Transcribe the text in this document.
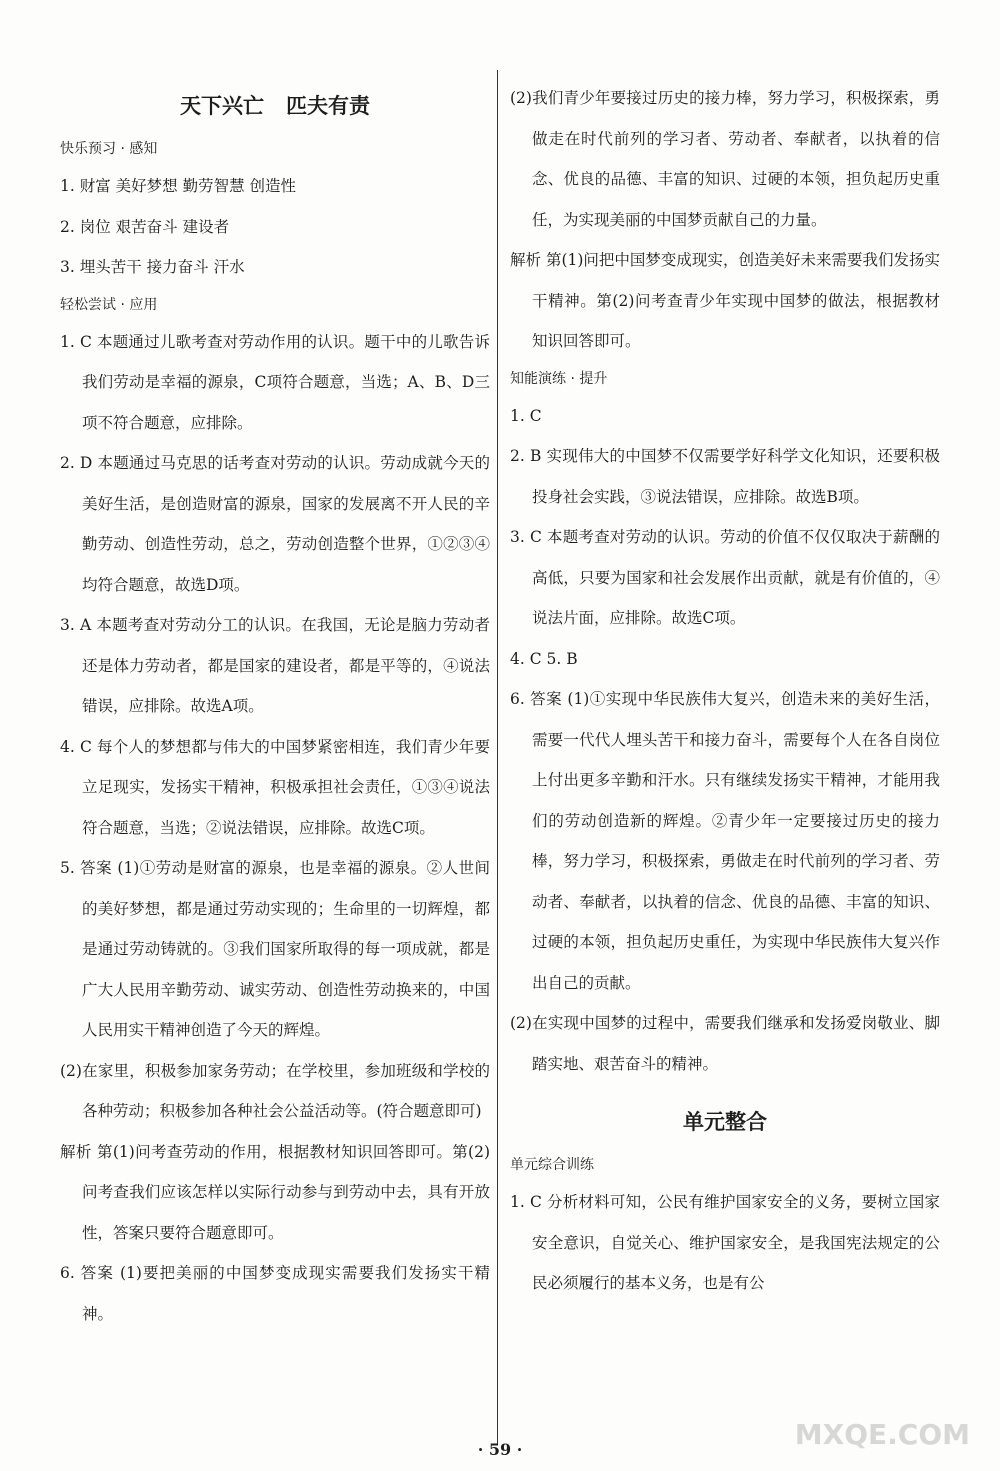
天下兴亡   匹夫有责
快乐预习 · 感知
1. 财富 美好梦想 勤劳智慧 创造性
2. 岗位 艰苦奋斗 建设者
3. 埋头苦干 接力奋斗 汗水
轻松尝试 · 应用
1. C 本题通过儿歌考查对劳动作用的认识。题干中的儿歌告诉我们劳动是幸福的源泉，C项符合题意，当选；A、B、D三项不符合题意，应排除。
2. D 本题通过马克思的话考查对劳动的认识。劳动成就今天的美好生活，是创造财富的源泉，国家的发展离不开人民的辛勤劳动、创造性劳动，总之，劳动创造整个世界，①②③④均符合题意，故选D项。
3. A 本题考查对劳动分工的认识。在我国，无论是脑力劳动者还是体力劳动者，都是国家的建设者，都是平等的，④说法错误，应排除。故选A项。
4. C 每个人的梦想都与伟大的中国梦紧密相连，我们青少年要立足现实，发扬实干精神，积极承担社会责任，①③④说法符合题意，当选；②说法错误，应排除。故选C项。
5. 答案 (1)①劳动是财富的源泉，也是幸福的源泉。②人世间的美好梦想，都是通过劳动实现的；生命里的一切辉煌，都是通过劳动铸就的。③我们国家所取得的每一项成就，都是广大人民用辛勤劳动、诚实劳动、创造性劳动换来的，中国人民用实干精神创造了今天的辉煌。
(2)在家里，积极参加家务劳动；在学校里，参加班级和学校的各种劳动；积极参加各种社会公益活动等。(符合题意即可)
解析 第(1)问考查劳动的作用，根据教材知识回答即可。第(2)问考查我们应该怎样以实际行动参与到劳动中去，具有开放性，答案只要符合题意即可。
6. 答案 (1)要把美丽的中国梦变成现实需要我们发扬实干精神。
(2)我们青少年要接过历史的接力棒，努力学习，积极探索，勇做走在时代前列的学习者、劳动者、奉献者，以执着的信念、优良的品德、丰富的知识、过硬的本领，担负起历史重任，为实现美丽的中国梦贡献自己的力量。
解析 第(1)问把中国梦变成现实，创造美好未来需要我们发扬实干精神。第(2)问考查青少年实现中国梦的做法，根据教材知识回答即可。
知能演练 · 提升
1. C
2. B 实现伟大的中国梦不仅需要学好科学文化知识，还要积极投身社会实践，③说法错误，应排除。故选B项。
3. C 本题考查对劳动的认识。劳动的价值不仅仅取决于薪酬的高低，只要为国家和社会发展作出贡献，就是有价值的，④说法片面，应排除。故选C项。
4. C 5. B
6. 答案 (1)①实现中华民族伟大复兴，创造未来的美好生活，需要一代代人埋头苦干和接力奋斗，需要每个人在各自岗位上付出更多辛勤和汗水。只有继续发扬实干精神，才能用我们的劳动创造新的辉煌。②青少年一定要接过历史的接力棒，努力学习，积极探索，勇做走在时代前列的学习者、劳动者、奉献者，以执着的信念、优良的品德、丰富的知识、过硬的本领，担负起历史重任，为实现中华民族伟大复兴作出自己的贡献。
(2)在实现中国梦的过程中，需要我们继承和发扬爱岗敬业、脚踏实地、艰苦奋斗的精神。
单元整合
单元综合训练
1. C 分析材料可知，公民有维护国家安全的义务，要树立国家安全意识，自觉关心、维护国家安全，是我国宪法规定的公民必须履行的基本义务，也是有公
· 59 ·	MXQE.COM
